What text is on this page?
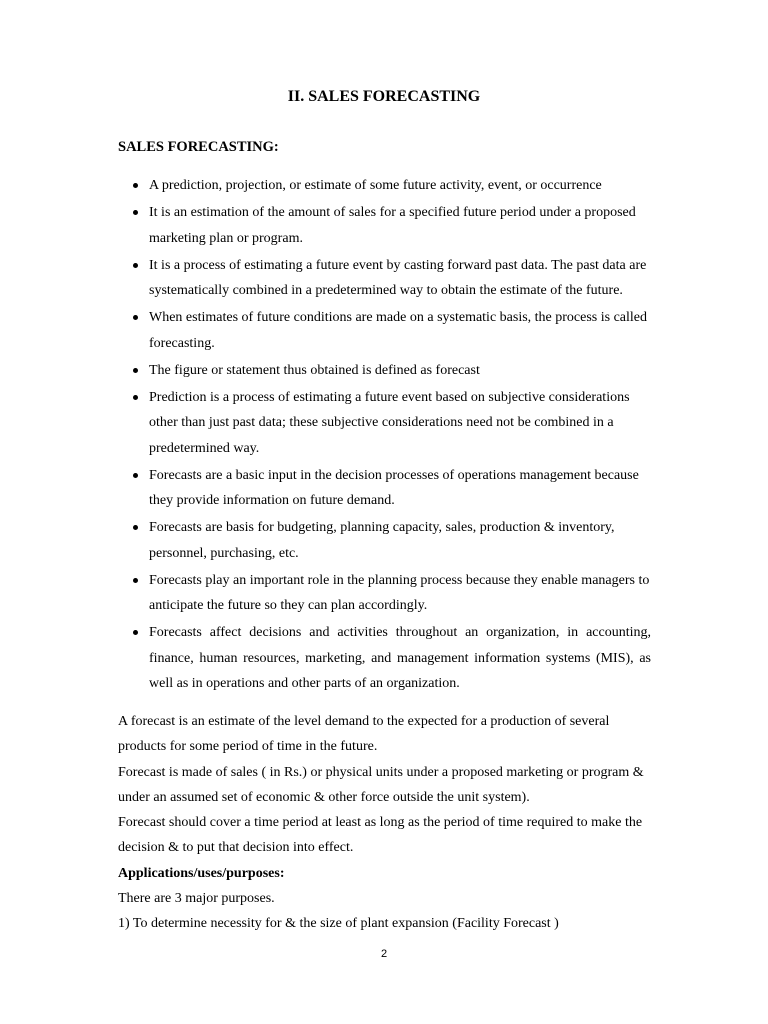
II. SALES FORECASTING
SALES FORECASTING:
A prediction, projection, or estimate of some future activity, event, or occurrence
It is an estimation of the amount of sales for a specified future period under a proposed marketing plan or program.
It is a process of estimating a future event by casting forward past data. The past data are systematically combined in a predetermined way to obtain the estimate of the future.
When estimates of future conditions are made on a systematic basis, the process is called forecasting.
The figure or statement thus obtained is defined as forecast
Prediction is a process of estimating a future event based on subjective considerations other than just past data; these subjective considerations need not be combined in a predetermined way.
Forecasts are a basic input in the decision processes of operations management because they provide information on future demand.
Forecasts are basis for budgeting, planning capacity, sales, production & inventory, personnel, purchasing, etc.
Forecasts play an important role in the planning process because they enable managers to anticipate the future so they can plan accordingly.
Forecasts affect decisions and activities throughout an organization, in accounting, finance, human resources, marketing, and management information systems (MIS), as well as in operations and other parts of an organization.

A forecast is an estimate of the level demand to the expected for a production of several products for some period of time in the future.

Forecast is made of sales ( in Rs.) or physical units under a proposed marketing or program & under an assumed set of economic & other force outside the unit system).

Forecast should cover a time period at least as long as the period of time required to make the decision & to put that decision into effect.

Applications/uses/purposes:

There are 3 major purposes.

1) To determine necessity for & the size of plant expansion (Facility Forecast )

2
